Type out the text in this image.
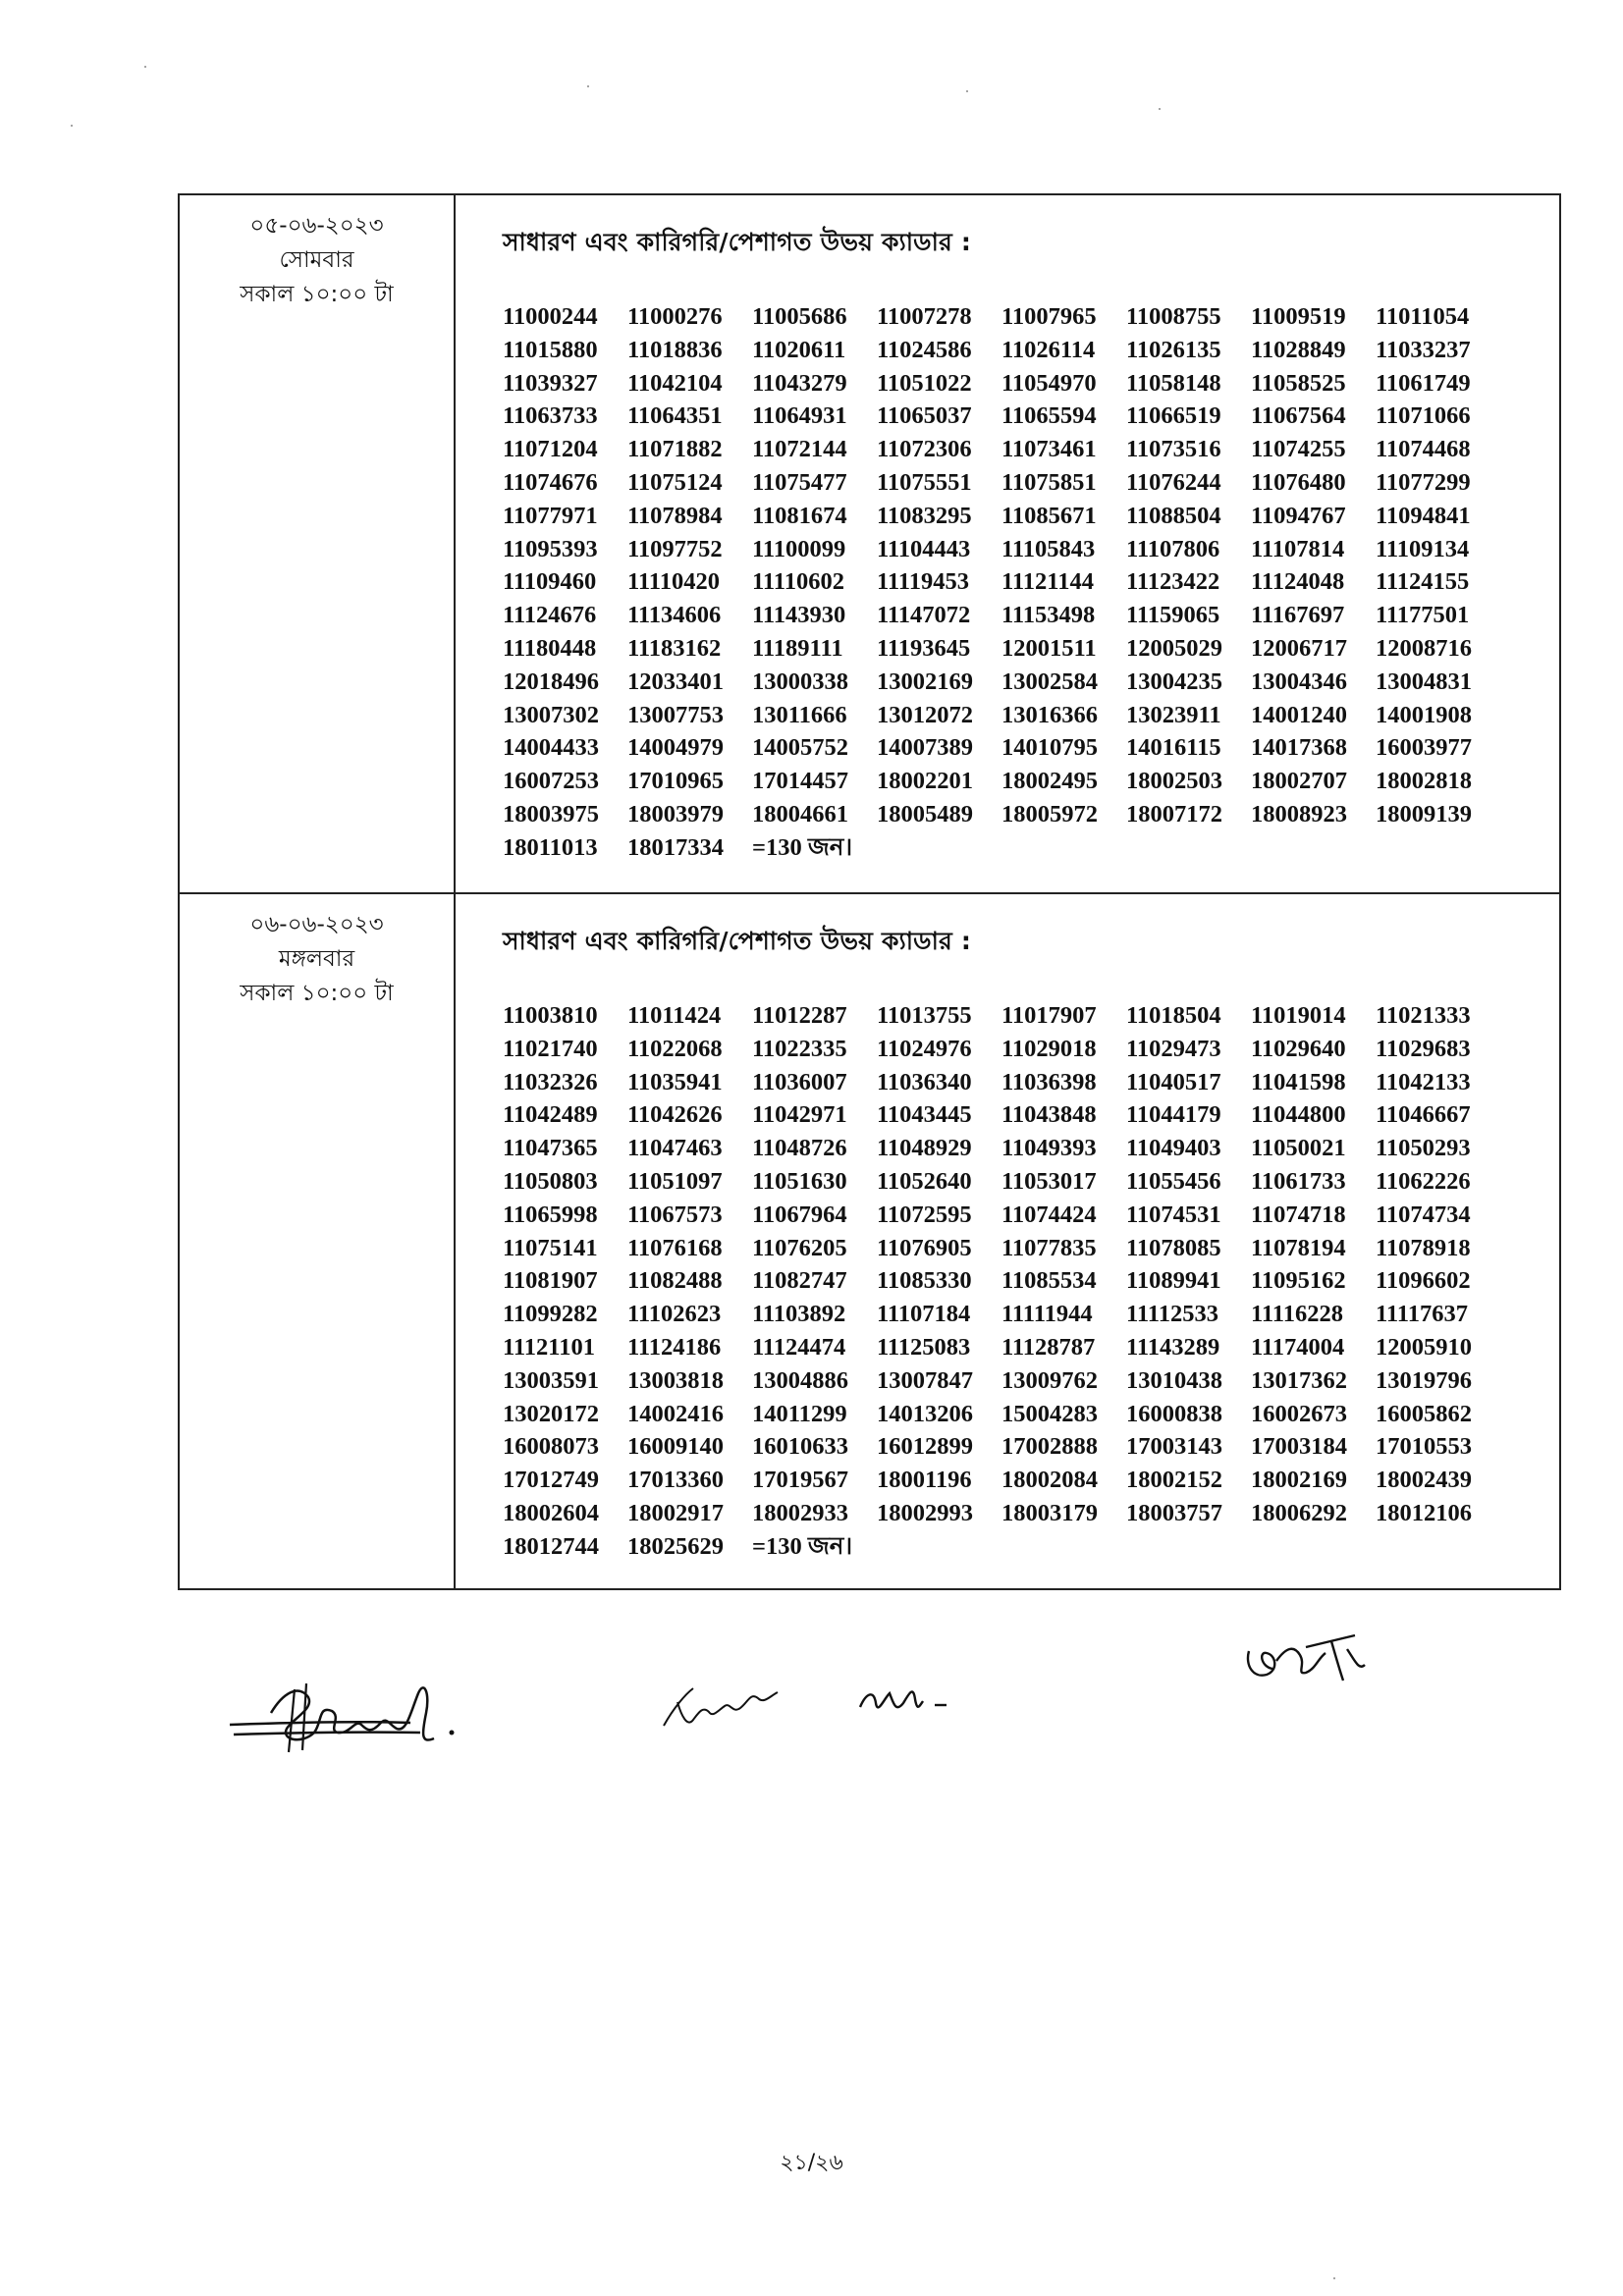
০৫-০৬-২০২৩
সোমবার
সকাল ১০:০০ টা
সাধারণ এবং কারিগরি/পেশাগত উভয় ক্যাডার :
11000244 11000276 11005686 11007278 11007965 11008755 11009519 11011054
11015880 11018836 11020611 11024586 11026114 11026135 11028849 11033237
11039327 11042104 11043279 11051022 11054970 11058148 11058525 11061749
11063733 11064351 11064931 11065037 11065594 11066519 11067564 11071066
11071204 11071882 11072144 11072306 11073461 11073516 11074255 11074468
11074676 11075124 11075477 11075551 11075851 11076244 11076480 11077299
11077971 11078984 11081674 11083295 11085671 11088504 11094767 11094841
11095393 11097752 11100099 11104443 11105843 11107806 11107814 11109134
11109460 11110420 11110602 11119453 11121144 11123422 11124048 11124155
11124676 11134606 11143930 11147072 11153498 11159065 11167697 11177501
11180448 11183162 11189111 11193645 12001511 12005029 12006717 12008716
12018496 12033401 13000338 13002169 13002584 13004235 13004346 13004831
13007302 13007753 13011666 13012072 13016366 13023911 14001240 14001908
14004433 14004979 14005752 14007389 14010795 14016115 14017368 16003977
16007253 17010965 17014457 18002201 18002495 18002503 18002707 18002818
18003975 18003979 18004661 18005489 18005972 18007172 18008923 18009139
18011013 18017334 =130 জন।
০৬-০৬-২০২৩
মঙ্গলবার
সকাল ১০:০০ টা
সাধারণ এবং কারিগরি/পেশাগত উভয় ক্যাডার :
11003810 11011424 11012287 11013755 11017907 11018504 11019014 11021333
11021740 11022068 11022335 11024976 11029018 11029473 11029640 11029683
11032326 11035941 11036007 11036340 11036398 11040517 11041598 11042133
11042489 11042626 11042971 11043445 11043848 11044179 11044800 11046667
11047365 11047463 11048726 11048929 11049393 11049403 11050021 11050293
11050803 11051097 11051630 11052640 11053017 11055456 11061733 11062226
11065998 11067573 11067964 11072595 11074424 11074531 11074718 11074734
11075141 11076168 11076205 11076905 11077835 11078085 11078194 11078918
11081907 11082488 11082747 11085330 11085534 11089941 11095162 11096602
11099282 11102623 11103892 11107184 11111944 11112533 11116228 11117637
11121101 11124186 11124474 11125083 11128787 11143289 11174004 12005910
13003591 13003818 13004886 13007847 13009762 13010438 13017362 13019796
13020172 14002416 14011299 14013206 15004283 16000838 16002673 16005862
16008073 16009140 16010633 16012899 17002888 17003143 17003184 17010553
17012749 17013360 17019567 18001196 18002084 18002152 18002169 18002439
18002604 18002917 18002933 18002993 18003179 18003757 18006292 18012106
18012744 18025629 =130 জন।
২১/২৬
